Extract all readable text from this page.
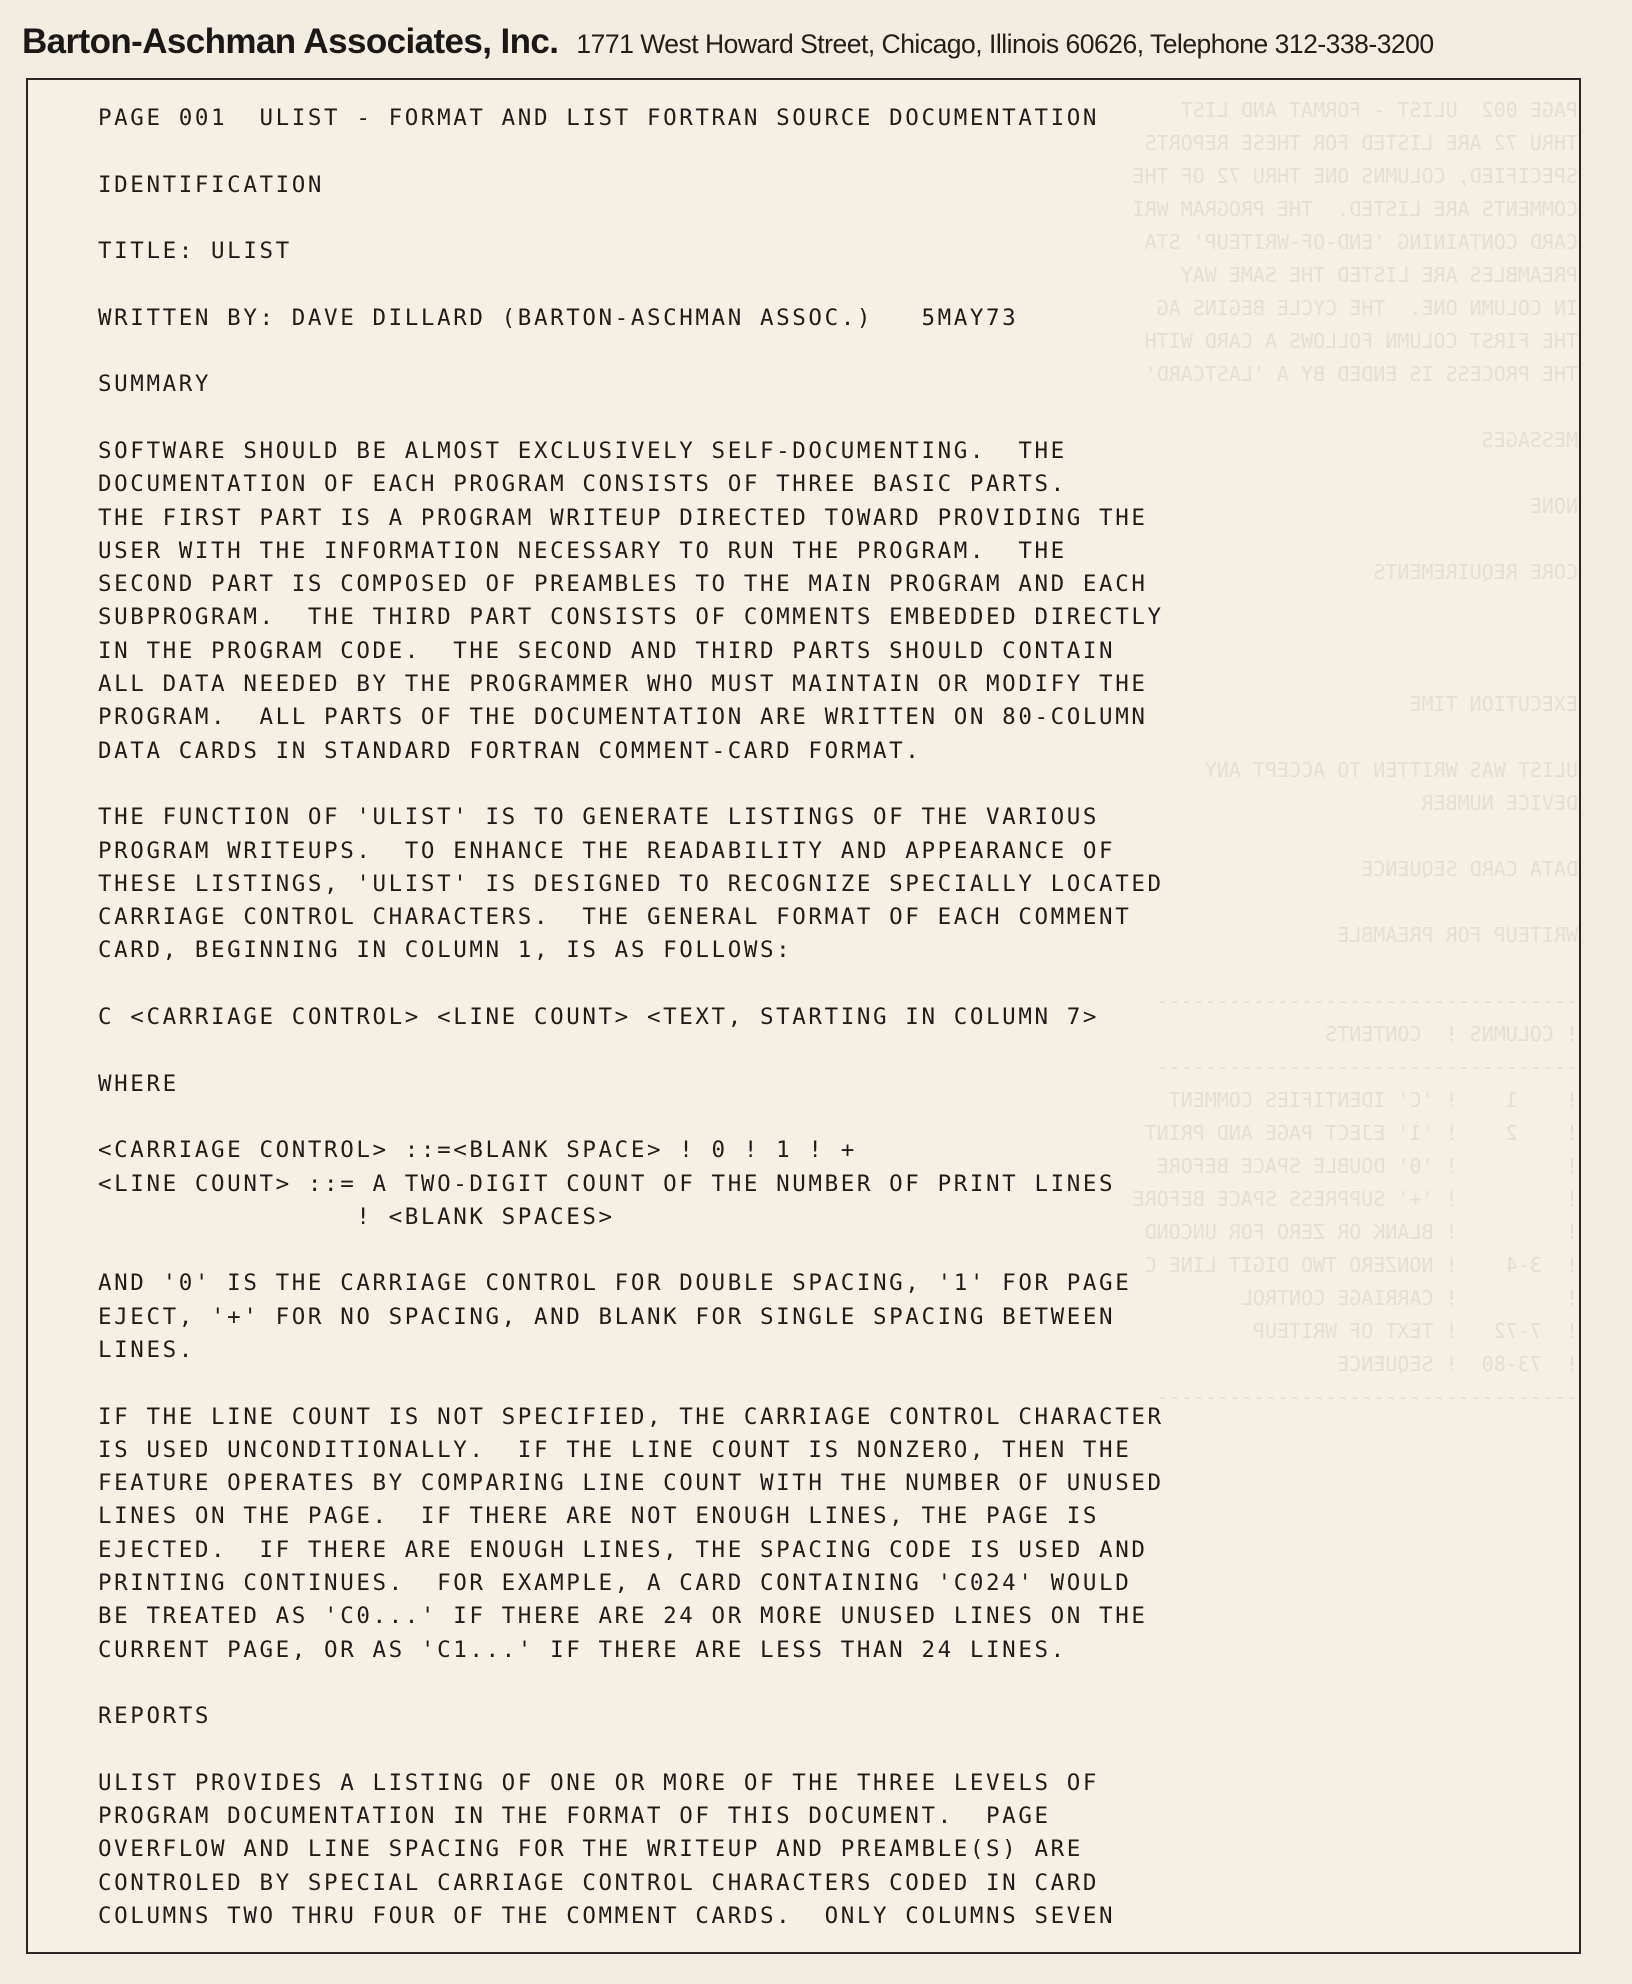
Barton-Aschman Associates, Inc. 1771 West Howard Street, Chicago, Illinois 60626, Telephone 312-338-3200
PAGE 002  ULIST - FORMAT AND LIST
THRU 72 ARE LISTED FOR THESE REPORTS
SPECIFIED, COLUMNS ONE THRU 72 OF THE
COMMENTS ARE LISTED.  THE PROGRAM WRI
CARD CONTAINING 'END-OF-WRITEUP' STA
PREAMBLES ARE LISTED THE SAME WAY
IN COLUMN ONE.  THE CYCLE BEGINS AG
THE FIRST COLUMN FOLLOWS A CARD WITH
THE PROCESS IS ENDED BY A 'LASTCARD'

MESSAGES

NONE

CORE REQUIREMENTS

EXECUTION TIME

ULIST WAS WRITTEN TO ACCEPT ANY
DEVICE NUMBER

DATA CARD SEQUENCE

WRITEUP FOR PREAMBLE

-----------------------------------
! COLUMNS !  CONTENTS
-----------------------------------
!    1    ! 'C' IDENTIFIES COMMENT
!    2    ! '1' EJECT PAGE AND PRINT
!         ! '0' DOUBLE SPACE BEFORE
!         ! '+' SUPPRESS SPACE BEFORE
!         ! BLANK OR ZERO FOR UNCOND
!  3-4    ! NONZERO TWO DIGIT LINE C
!         ! CARRIAGE CONTROL
!  7-72   ! TEXT OF WRITEUP
!  73-80  ! SEQUENCE
-----------------------------------

PAGE 001  ULIST - FORMAT AND LIST FORTRAN SOURCE DOCUMENTATION

IDENTIFICATION

TITLE: ULIST

WRITTEN BY: DAVE DILLARD (BARTON-ASCHMAN ASSOC.)   5MAY73

SUMMARY

SOFTWARE SHOULD BE ALMOST EXCLUSIVELY SELF-DOCUMENTING.  THE

DOCUMENTATION OF EACH PROGRAM CONSISTS OF THREE BASIC PARTS.

THE FIRST PART IS A PROGRAM WRITEUP DIRECTED TOWARD PROVIDING THE

USER WITH THE INFORMATION NECESSARY TO RUN THE PROGRAM.  THE

SECOND PART IS COMPOSED OF PREAMBLES TO THE MAIN PROGRAM AND EACH

SUBPROGRAM.  THE THIRD PART CONSISTS OF COMMENTS EMBEDDED DIRECTLY

IN THE PROGRAM CODE.  THE SECOND AND THIRD PARTS SHOULD CONTAIN

ALL DATA NEEDED BY THE PROGRAMMER WHO MUST MAINTAIN OR MODIFY THE

PROGRAM.  ALL PARTS OF THE DOCUMENTATION ARE WRITTEN ON 80-COLUMN

DATA CARDS IN STANDARD FORTRAN COMMENT-CARD FORMAT.

THE FUNCTION OF 'ULIST' IS TO GENERATE LISTINGS OF THE VARIOUS

PROGRAM WRITEUPS.  TO ENHANCE THE READABILITY AND APPEARANCE OF

THESE LISTINGS, 'ULIST' IS DESIGNED TO RECOGNIZE SPECIALLY LOCATED

CARRIAGE CONTROL CHARACTERS.  THE GENERAL FORMAT OF EACH COMMENT

CARD, BEGINNING IN COLUMN 1, IS AS FOLLOWS:

C <CARRIAGE CONTROL> <LINE COUNT> <TEXT, STARTING IN COLUMN 7>

WHERE

<CARRIAGE CONTROL> ::=<BLANK SPACE> ! 0 ! 1 ! +

<LINE COUNT> ::= A TWO-DIGIT COUNT OF THE NUMBER OF PRINT LINES

! <BLANK SPACES>

AND '0' IS THE CARRIAGE CONTROL FOR DOUBLE SPACING, '1' FOR PAGE

EJECT, '+' FOR NO SPACING, AND BLANK FOR SINGLE SPACING BETWEEN

LINES.

IF THE LINE COUNT IS NOT SPECIFIED, THE CARRIAGE CONTROL CHARACTER

IS USED UNCONDITIONALLY.  IF THE LINE COUNT IS NONZERO, THEN THE

FEATURE OPERATES BY COMPARING LINE COUNT WITH THE NUMBER OF UNUSED

LINES ON THE PAGE.  IF THERE ARE NOT ENOUGH LINES, THE PAGE IS

EJECTED.  IF THERE ARE ENOUGH LINES, THE SPACING CODE IS USED AND

PRINTING CONTINUES.  FOR EXAMPLE, A CARD CONTAINING 'C024' WOULD

BE TREATED AS 'C0...' IF THERE ARE 24 OR MORE UNUSED LINES ON THE

CURRENT PAGE, OR AS 'C1...' IF THERE ARE LESS THAN 24 LINES.

REPORTS

ULIST PROVIDES A LISTING OF ONE OR MORE OF THE THREE LEVELS OF

PROGRAM DOCUMENTATION IN THE FORMAT OF THIS DOCUMENT.  PAGE

OVERFLOW AND LINE SPACING FOR THE WRITEUP AND PREAMBLE(S) ARE

CONTROLED BY SPECIAL CARRIAGE CONTROL CHARACTERS CODED IN CARD

COLUMNS TWO THRU FOUR OF THE COMMENT CARDS.  ONLY COLUMNS SEVEN
